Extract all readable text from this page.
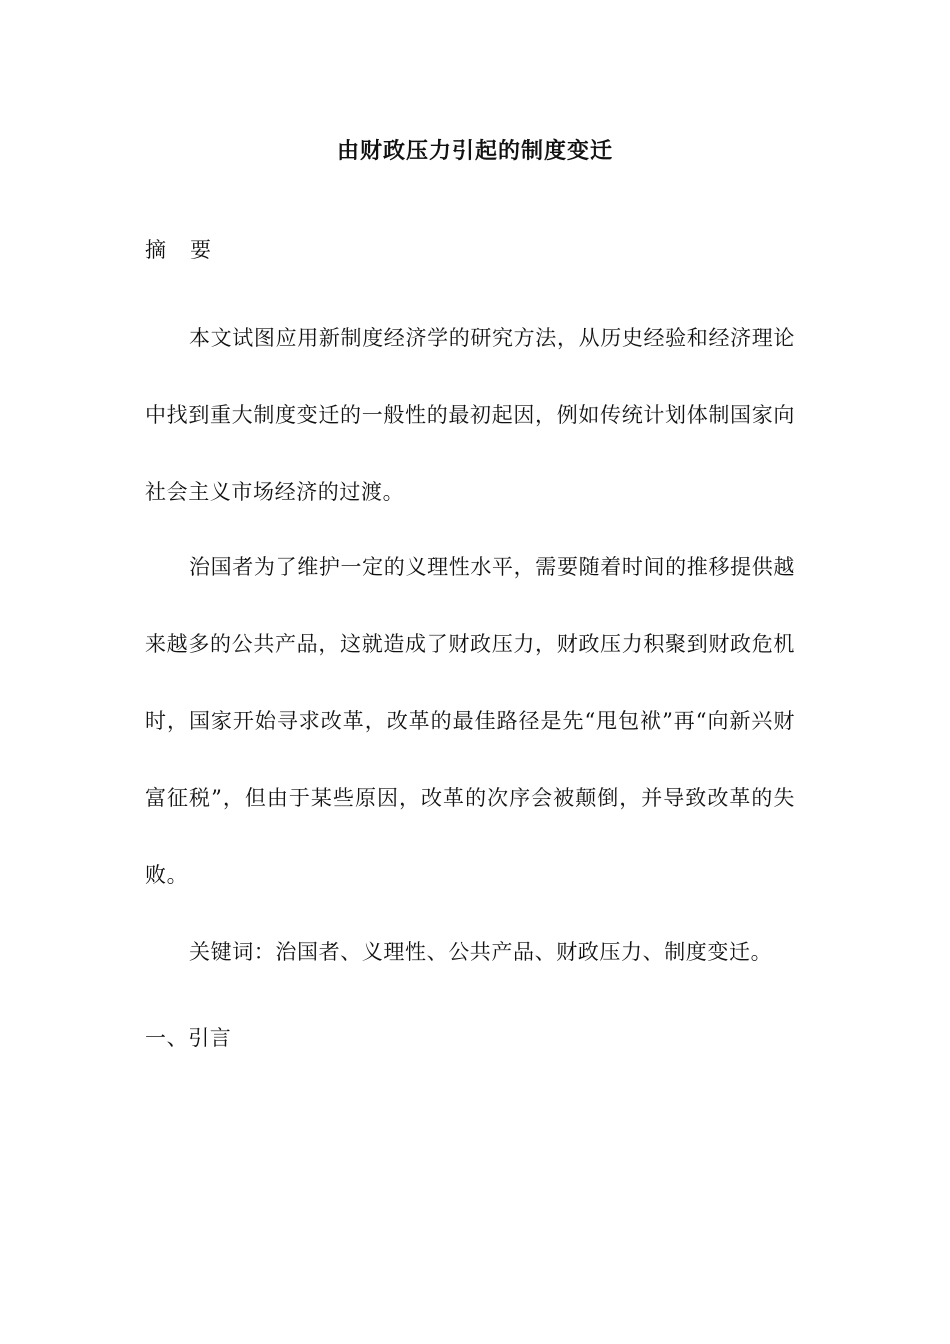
由财政压力引起的制度变迁
摘 要

本文试图应用新制度经济学的研究方法，从历史经验和经济理论中找到重大制度变迁的一般性的最初起因，例如传统计划体制国家向社会主义市场经济的过渡。

治国者为了维护一定的义理性水平，需要随着时间的推移提供越来越多的公共产品，这就造成了财政压力，财政压力积聚到财政危机时，国家开始寻求改革，改革的最佳路径是先“甩包袱”再“向新兴财富征税”，但由于某些原因，改革的次序会被颠倒，并导致改革的失败。

关键词：治国者、义理性、公共产品、财政压力、制度变迁。
一、引言
